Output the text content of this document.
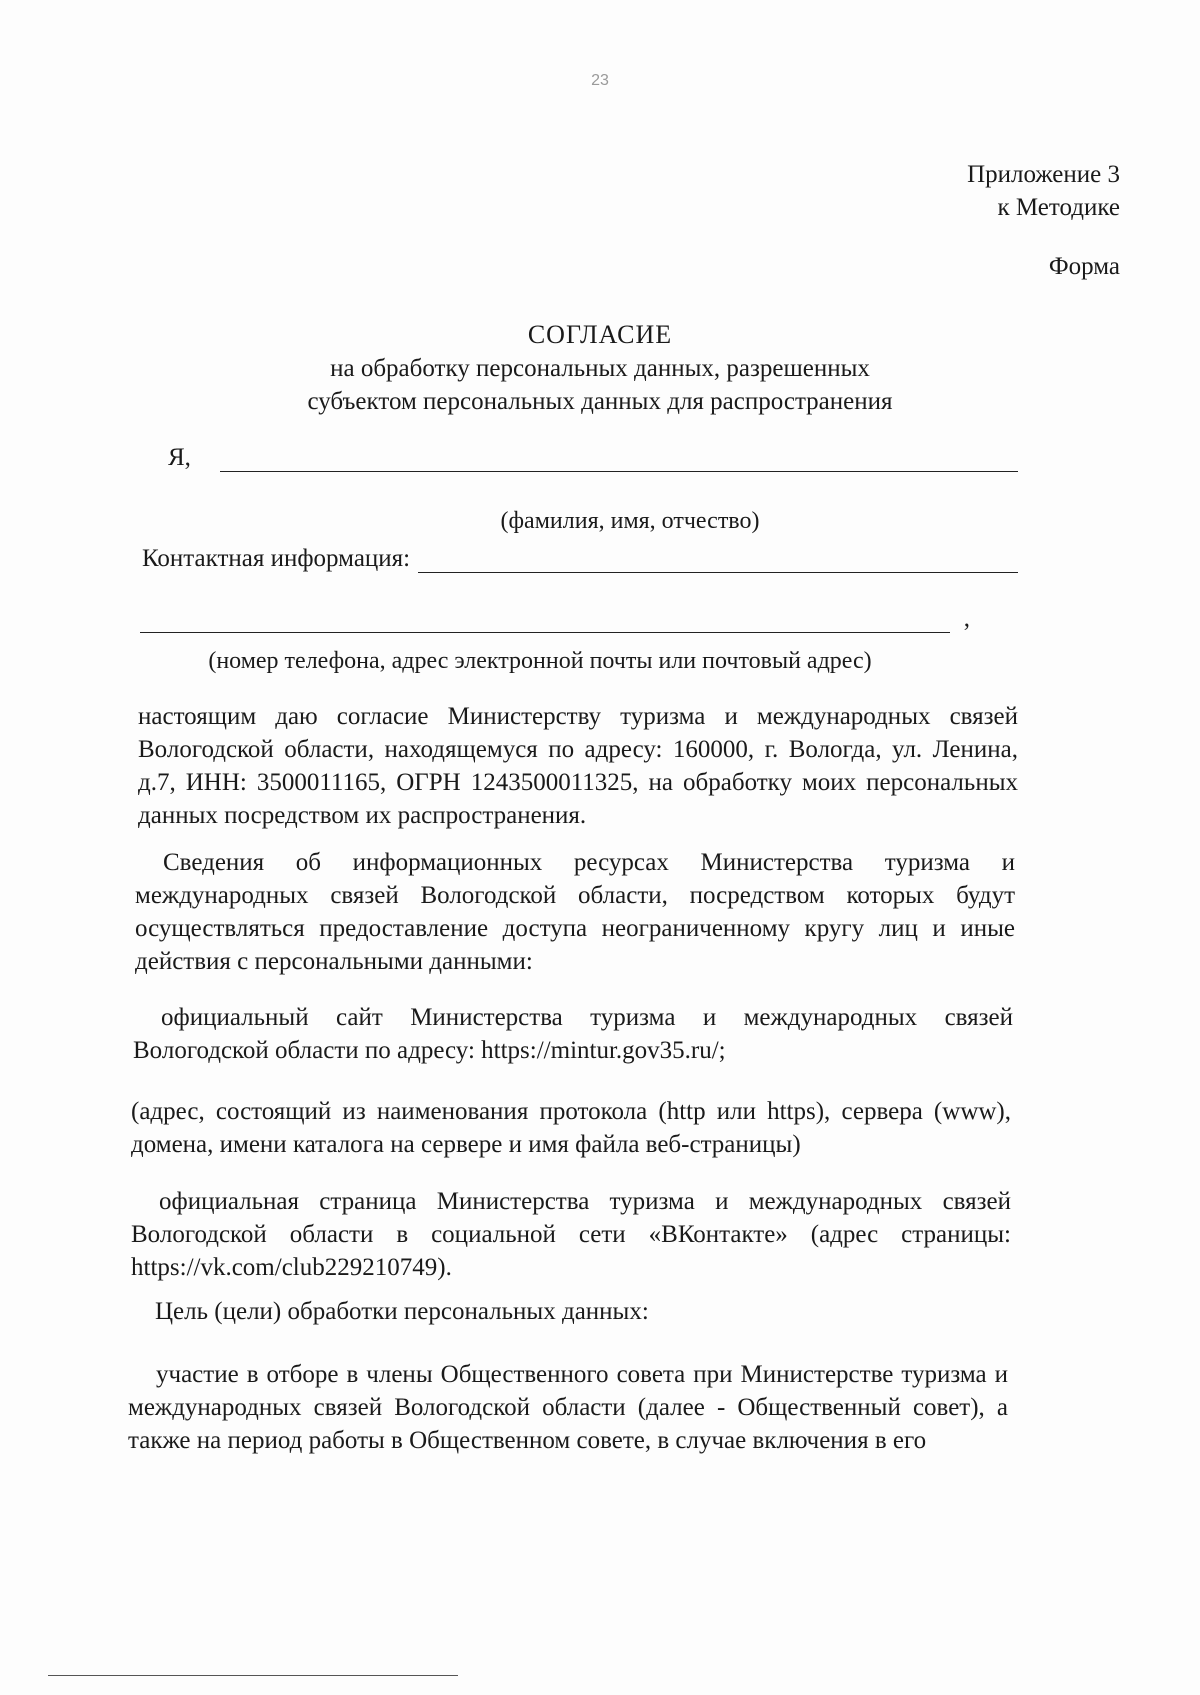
23
Приложение 3
к Методике
Форма
СОГЛАСИЕ
на обработку персональных данных, разрешенных
субъектом персональных данных для распространения
Я,
(фамилия, имя, отчество)
Контактная информация:
,
(номер телефона, адрес электронной почты или почтовый адрес)
настоящим даю согласие Министерству туризма и международных связей Вологодской области, находящемуся по адресу: 160000, г. Вологда, ул. Ленина, д.7, ИНН: 3500011165, ОГРН 1243500011325, на обработку моих персональных данных посредством их распространения.
Сведения об информационных ресурсах Министерства туризма и международных связей Вологодской области, посредством которых будут осуществляться предоставление доступа неограниченному кругу лиц и иные действия с персональными данными:
официальный сайт Министерства туризма и международных связей Вологодской области по адресу: https://mintur.gov35.ru/;
(адрес, состоящий из наименования протокола (http или https), сервера (www), домена, имени каталога на сервере и имя файла веб-страницы)
официальная страница Министерства туризма и международных связей Вологодской области в социальной сети «ВКонтакте» (адрес страницы: https://vk.com/club229210749).
Цель (цели) обработки персональных данных:
участие в отборе в члены Общественного совета при Министерстве туризма и международных связей Вологодской области (далее - Общественный совет), а также на период работы в Общественном совете, в случае включения в его
